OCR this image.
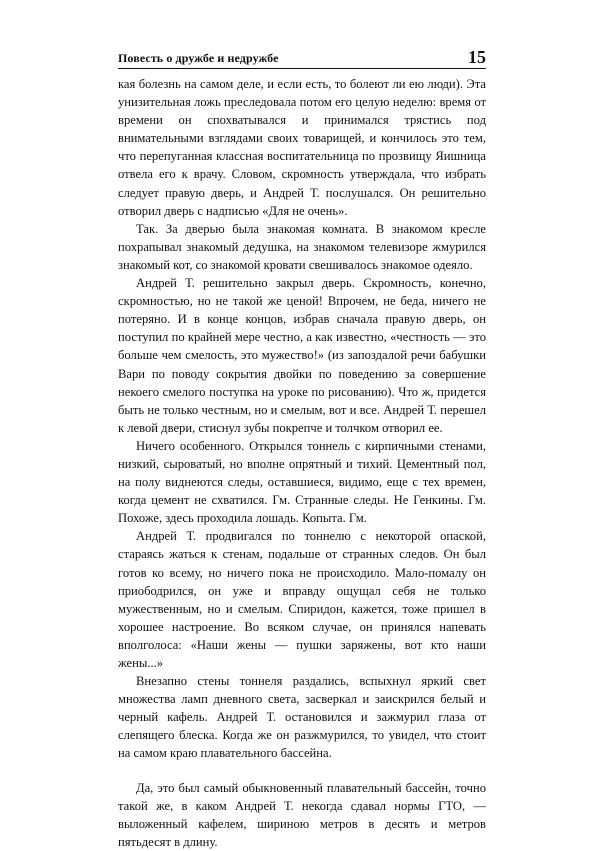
Повесть о дружбе и недружбе	15

кая болезнь на самом деле, и если есть, то болеют ли ею люди). Эта унизительная ложь преследовала потом его целую неделю: время от времени он спохватывался и принимался трястись под внимательными взглядами своих товарищей, и кончилось это тем, что перепуганная классная воспитательница по прозвищу Яишница отвела его к врачу. Словом, скромность утверждала, что избрать следует правую дверь, и Андрей Т. послушался. Он решительно отворил дверь с надписью «Для не очень».

Так. За дверью была знакомая комната. В знакомом кресле похрапывал знакомый дедушка, на знакомом телевизоре жмурился знакомый кот, со знакомой кровати свешивалось знакомое одеяло.

Андрей Т. решительно закрыл дверь. Скромность, конечно, скромностью, но не такой же ценой! Впрочем, не беда, ничего не потеряно. И в конце концов, избрав сначала правую дверь, он поступил по крайней мере честно, а как известно, «честность — это больше чем смелость, это мужество!» (из запоздалой речи бабушки Вари по поводу сокрытия двойки по поведению за совершение некоего смелого поступка на уроке по рисованию). Что ж, придется быть не только честным, но и смелым, вот и все. Андрей Т. перешел к левой двери, стиснул зубы покрепче и толчком отворил ее.

Ничего особенного. Открылся тоннель с кирпичными стенами, низкий, сыроватый, но вполне опрятный и тихий. Цементный пол, на полу виднеются следы, оставшиеся, видимо, еще с тех времен, когда цемент не схватился. Гм. Странные следы. Не Генкины. Гм. Похоже, здесь проходила лошадь. Копыта. Гм.

Андрей Т. продвигался по тоннелю с некоторой опаской, стараясь жаться к стенам, подальше от странных следов. Он был готов ко всему, но ничего пока не происходило. Мало-помалу он приободрился, он уже и вправду ощущал себя не только мужественным, но и смелым. Спиридон, кажется, тоже пришел в хорошее настроение. Во всяком случае, он принялся напевать вполголоса: «Наши жены — пушки заряжены, вот кто наши жены...»

Внезапно стены тоннеля раздались, вспыхнул яркий свет множества ламп дневного света, засверкал и заискрился белый и черный кафель. Андрей Т. остановился и зажмурил глаза от слепящего блеска. Когда же он разжмурился, то увидел, что стоит на самом краю плавательного бассейна.

Да, это был самый обыкновенный плавательный бассейн, точно такой же, в каком Андрей Т. некогда сдавал нормы ГТО, — выложенный кафелем, шириною метров в десять и метров пятьдесят в длину.
